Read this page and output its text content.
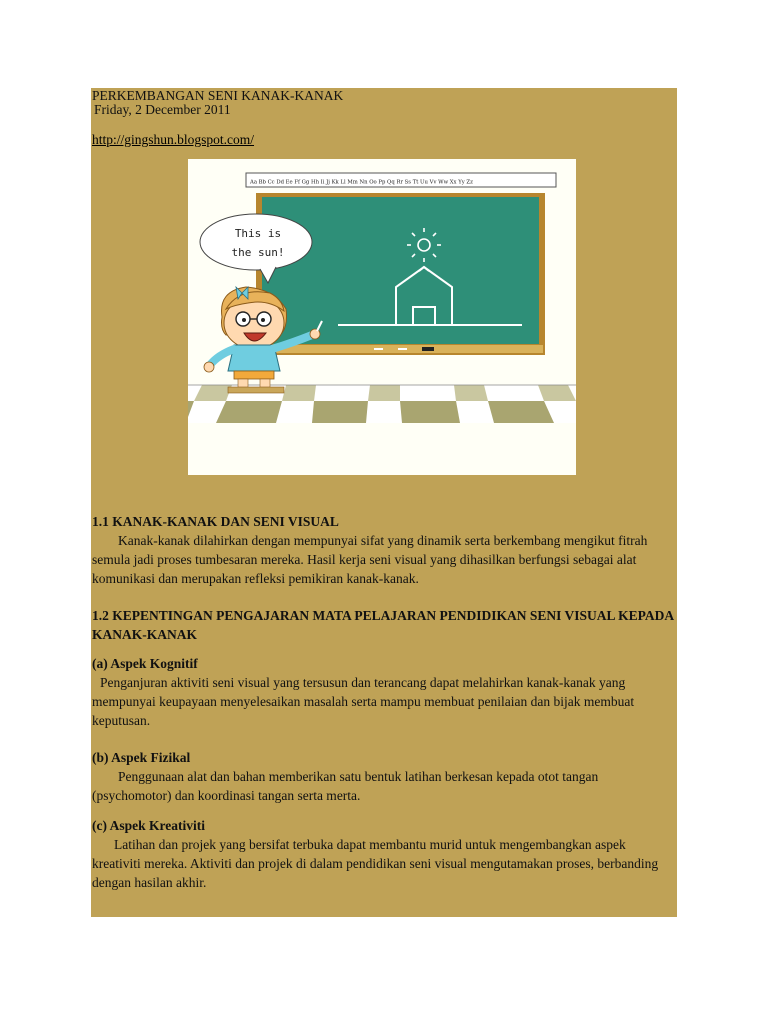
PERKEMBANGAN SENI KANAK-KANAK
Friday, 2 December 2011
http://gingshun.blogspot.com/
Aa Bb Cc Dd Ee Ff Gg Hh Ii Jj Kk Ll Mm Nn Oo Pp Qq Rr Ss Tt Uu Vv Ww Xx Yy Zz
This is
the sun!
1.1 KANAK-KANAK DAN SENI VISUAL

Kanak-kanak dilahirkan dengan mempunyai sifat yang dinamik serta berkembang mengikut fitrah semula jadi proses tumbesaran mereka. Hasil kerja seni visual yang dihasilkan berfungsi sebagai alat komunikasi dan merupakan refleksi pemikiran kanak-kanak.

1.2 KEPENTINGAN PENGAJARAN MATA PELAJARAN PENDIDIKAN SENI VISUAL KEPADA KANAK-KANAK
(a) Aspek Kognitif

Penganjuran aktiviti seni visual yang tersusun dan terancang dapat melahirkan kanak-kanak yang mempunyai keupayaan menyelesaikan masalah serta mampu membuat penilaian dan bijak membuat keputusan.

(b) Aspek Fizikal

Penggunaan alat dan bahan memberikan satu bentuk latihan berkesan kepada otot tangan (psychomotor) dan koordinasi tangan serta merta.

(c) Aspek Kreativiti

Latihan dan projek yang bersifat terbuka dapat membantu murid untuk mengembangkan aspek kreativiti mereka. Aktiviti dan projek di dalam pendidikan seni visual mengutamakan proses, berbanding dengan hasilan akhir.
